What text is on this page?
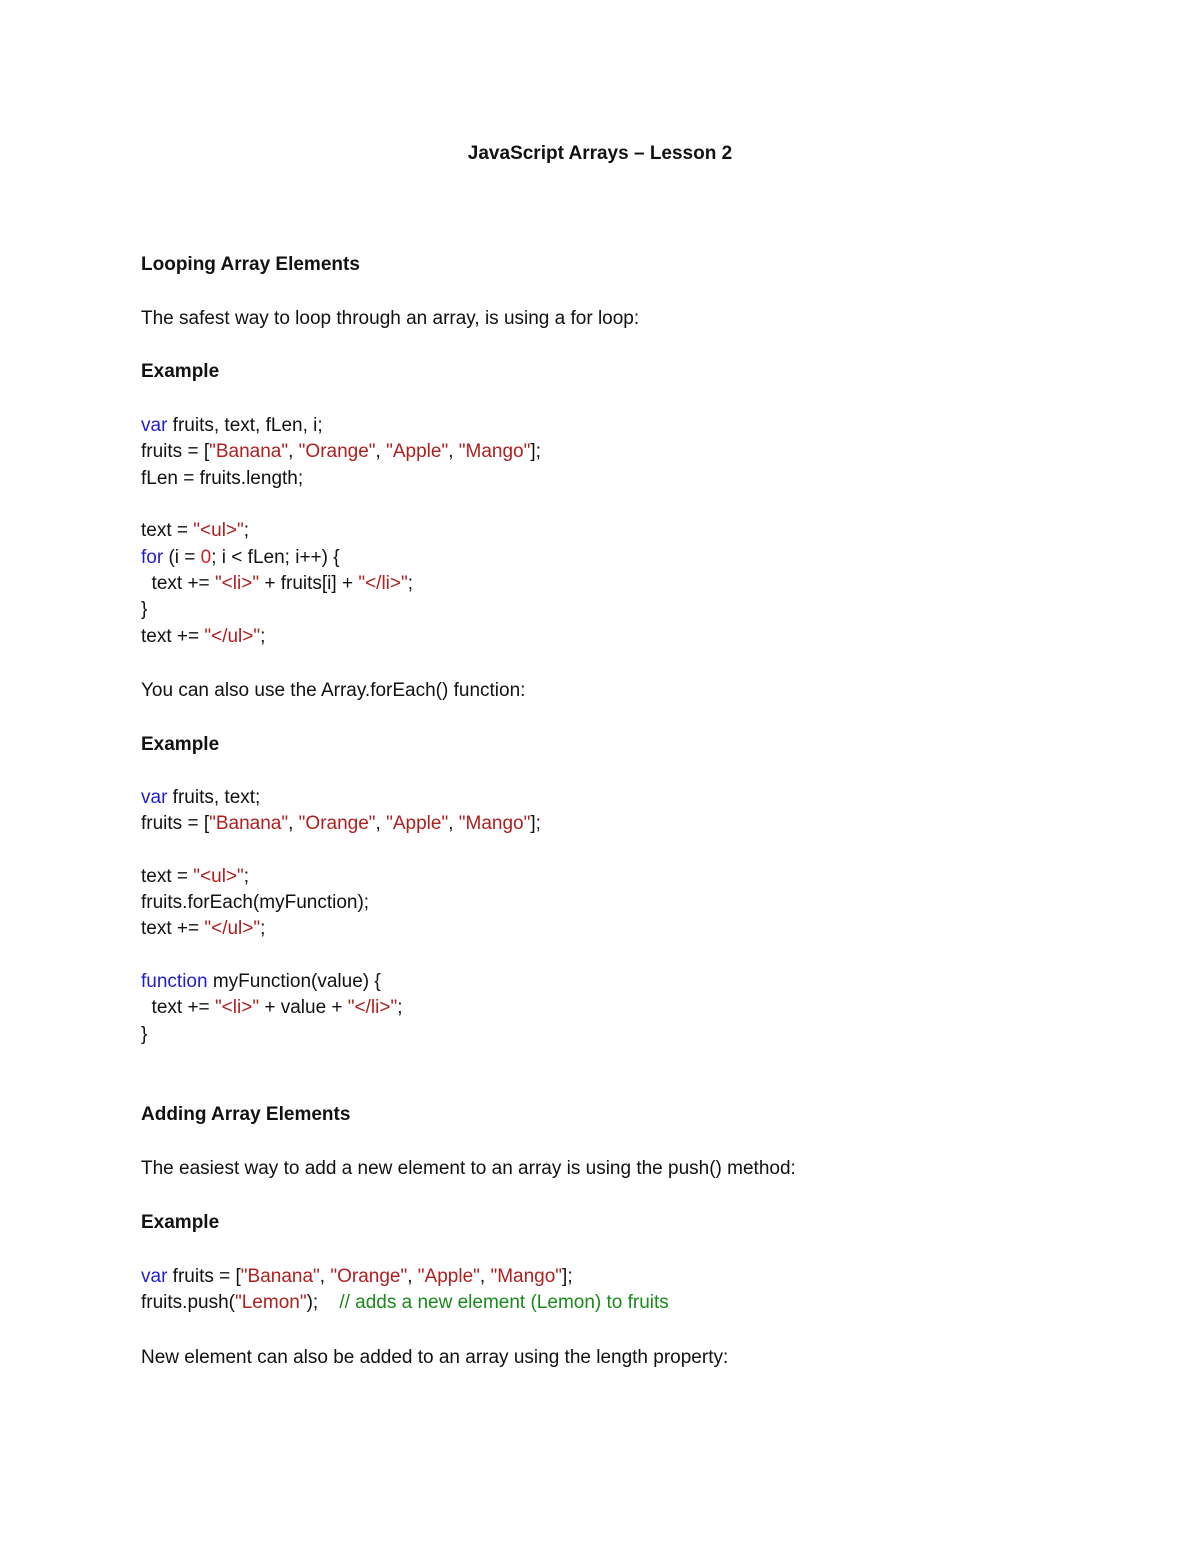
JavaScript Arrays – Lesson 2
Looping Array Elements
The safest way to loop through an array, is using a for loop:
Example
var fruits, text, fLen, i;
fruits = ["Banana", "Orange", "Apple", "Mango"];
fLen = fruits.length;
text = "<ul>";
for (i = 0; i < fLen; i++) {
text += "<li>" + fruits[i] + "</li>";
}
text += "</ul>";
You can also use the Array.forEach() function:
Example
var fruits, text;
fruits = ["Banana", "Orange", "Apple", "Mango"];
text = "<ul>";
fruits.forEach(myFunction);
text += "</ul>";
function myFunction(value) {
text += "<li>" + value + "</li>";
}
Adding Array Elements
The easiest way to add a new element to an array is using the push() method:
Example
var fruits = ["Banana", "Orange", "Apple", "Mango"];
fruits.push("Lemon");    // adds a new element (Lemon) to fruits
New element can also be added to an array using the length property:
